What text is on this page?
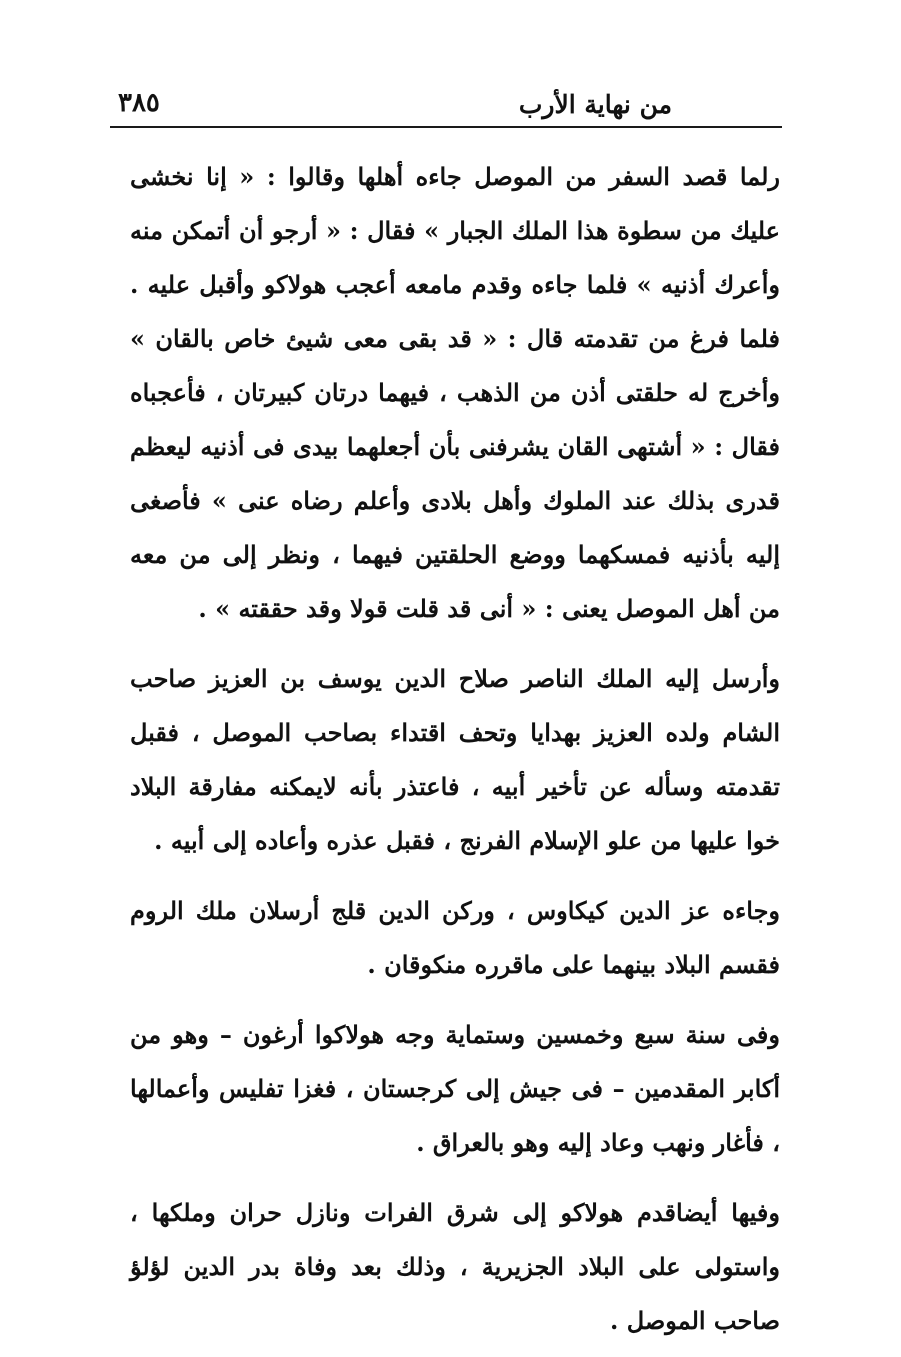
٣٨٥	من نهاية الأرب

رلما قصد السفر من الموصل جاءه أهلها وقالوا : « إنا نخشى عليك من سطوة هذا الملك الجبار » فقال : « أرجو أن أتمكن منه وأعرك أذنيه » فلما جاءه وقدم مامعه أعجب هولاكو وأقبل عليه . فلما فرغ من تقدمته قال : « قد بقى معى شيئ خاص بالقان » وأخرج له حلقتى أذن من الذهب ، فيهما درتان كبيرتان ، فأعجباه فقال : « أشتهى القان يشرفنى بأن أجعلهما بيدى فى أذنيه ليعظم قدرى بذلك عند الملوك وأهل بلادى وأعلم رضاه عنى » فأصغى إليه بأذنيه فمسكهما ووضع الحلقتين فيهما ، ونظر إلى من معه من أهل الموصل يعنى : « أنى قد قلت قولا وقد حققته » .

وأرسل إليه الملك الناصر صلاح الدين يوسف بن العزيز صاحب الشام ولده العزيز بهدايا وتحف اقتداء بصاحب الموصل ، فقبل تقدمته وسأله عن تأخير أبيه ، فاعتذر بأنه لايمكنه مفارقة البلاد خوا عليها من علو الإسلام الفرنج ، فقبل عذره وأعاده إلى أبيه .

وجاءه عز الدين كيكاوس ، وركن الدين قلج أرسلان ملك الروم فقسم البلاد بينهما على ماقرره منكوقان .

وفى سنة سبع وخمسين وستماية وجه هولاكوا أرغون – وهو من أكابر المقدمين – فى جيش إلى كرجستان ، فغزا تفليس وأعمالها ، فأغار ونهب وعاد إليه وهو بالعراق .

وفيها أيضاقدم هولاكو إلى شرق الفرات ونازل حران وملكها ، واستولى على البلاد الجزيرية ، وذلك بعد وفاة بدر الدين لؤلؤ صاحب الموصل .
